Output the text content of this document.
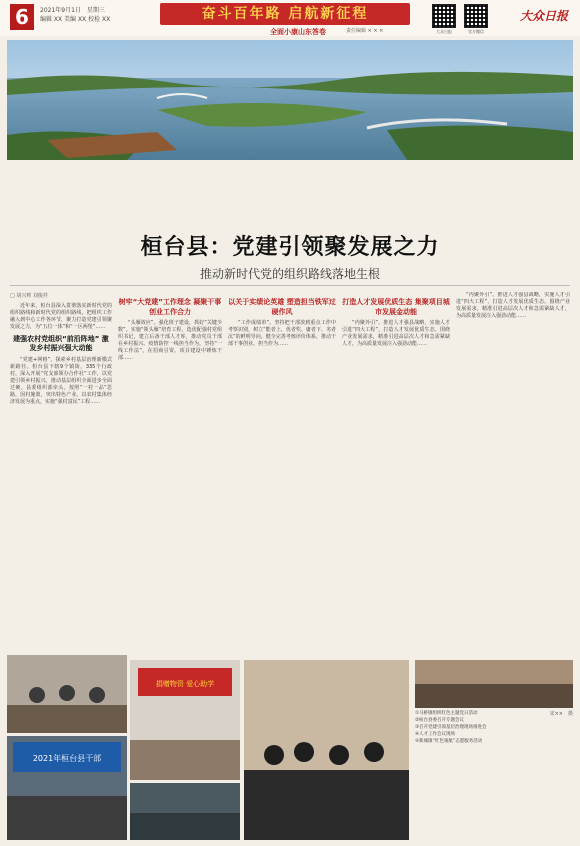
6	2021年9月1日　星期三
编辑 XX 美编 XX 校检 XX	奋斗百年路 启航新征程
全面小康山东答卷	责任编辑 × × ×	大众日报	官方微信
大众日报
桓台县：党建引领聚发展之力
推动新时代党的组织路线落地生根
□ 胡兴帅 刘俊祥

近年来，桓台县深入贯彻落实新时代党的组织路线和新时代党的组织路线，把组织工作融入到中心工作各环节，聚力打造党建引领聚发展之力，为“五位一体”和“一区两堡”……

建强农村党组织“前沿阵地” 激发乡村振兴强大动能

“党建+网格”，探索乡村基层治理新模式新路径。桓台县下辖9个镇街，335个行政村，深入开展“党支部领办合作社”工作，以党建引领乡村振兴，推动基层组织全面进步全面过硬。县委组织部牵头，按照“一村一品”思路，因村施策，突出特色产业。以农村集体经济发展为重点，实施“强村富民”工程……

树牢“大党建”工作理念 凝聚干事创业工作合力

“头雁效应”。强化班子建设，抓好“关键少数”。实施“领头雁”培育工程，选优配强村党组织书记，建立后备干部人才库，推动党员干部在乡村振兴、疫情防控一线担当作为。坚持“一线工作法”，在招商引资、项目建设中锤炼干部……

以关于实绩论英雄 塑造担当铁军过硬作风

“工作成绩单”。坚持把干部放到重点工作中考察识别，树立“能者上、优者奖、庸者下、劣者汰”的鲜明导向。健全完善考核评价体系，推动干部干事创业、担当作为……

打造人才发展优质生态 集聚项目城市发展金动能

“内聚外引”。推进人才强县战略，实施人才引进“四大工程”，打造人才发展优质生态。围绕产业发展需求，精准引进高层次人才和急需紧缺人才，为高质量发展注入强劲动能……

“内聚外引”。推进人才强县战略，实施人才引进“四大工程”，打造人才发展优质生态。围绕产业发展需求，精准引进高层次人才和急需紧缺人才，为高质量发展注入强劲动能……

捐赠物资 爱心助学
2021年桓台县干部
宋××　摄
①马桥镇组织红色主题党日活动
②桓台县委召开专题会议
③召开党建引领基层治理现场推进会
④人才工作会议现场
⑤新城镇“红色领航”志愿服务活动
